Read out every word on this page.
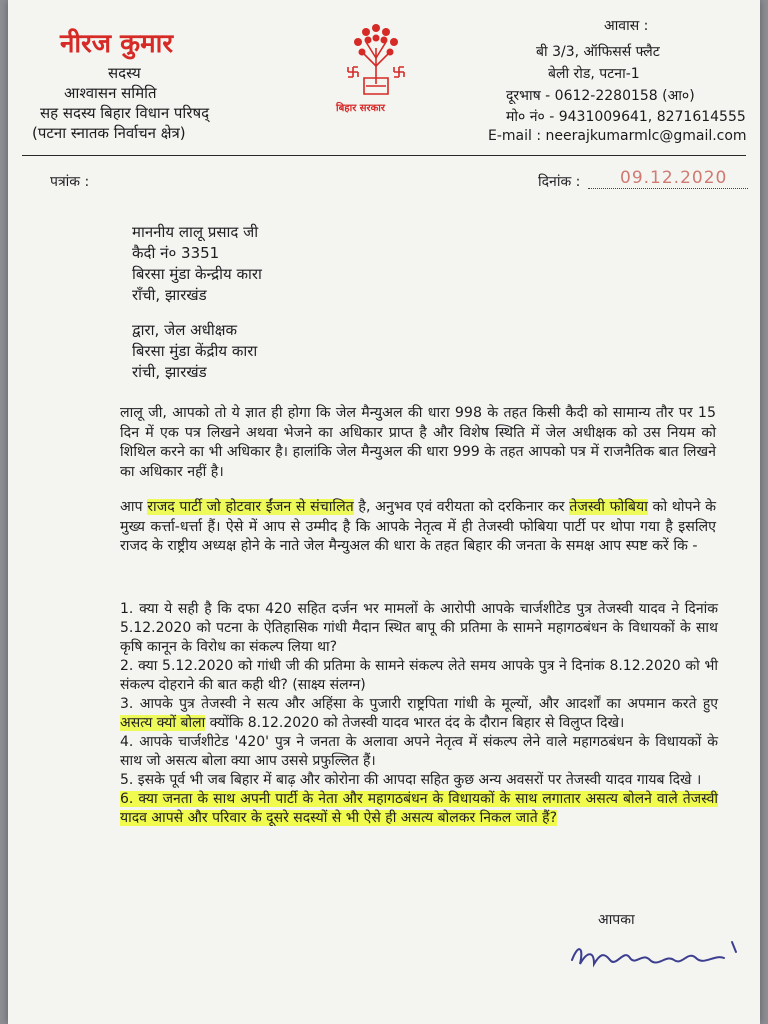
नीरज कुमार
सदस्य
आश्वासन समिति
सह सदस्य बिहार विधान परिषद्
(पटना स्नातक निर्वाचन क्षेत्र)
बिहार सरकार
आवास :
बी 3/3, ऑफिसर्स फ्लैट
बेली रोड, पटना-1
दूरभाष - 0612-2280158 (आ०)
मो० नं० - 9431009641, 8271614555
E-mail : neerajkumarmlc@gmail.com
पत्रांक :	दिनांक : 09.12.2020
माननीय लालू प्रसाद जी
कैदी नं० 3351
बिरसा मुंडा केन्द्रीय कारा
राँची, झारखंड
द्वारा, जेल अधीक्षक
बिरसा मुंडा केंद्रीय कारा
रांची, झारखंड
लालू जी, आपको तो ये ज्ञात ही होगा कि जेल मैन्युअल की धारा 998 के तहत किसी कैदी को सामान्य तौर पर 15 दिन में एक पत्र लिखने अथवा भेजने का अधिकार प्राप्त है और विशेष स्थिति में जेल अधीक्षक को उस नियम को शिथिल करने का भी अधिकार है। हालांकि जेल मैन्युअल की धारा 999 के तहत आपको पत्र में राजनैतिक बात लिखने का अधिकार नहीं है।
आप राजद पार्टी जो होटवार ईंजन से संचालित है, अनुभव एवं वरीयता को दरकिनार कर तेजस्वी फोबिया को थोपने के मुख्य कर्त्ता-धर्त्ता हैं। ऐसे में आप से उम्मीद है कि आपके नेतृत्व में ही तेजस्वी फोबिया पार्टी पर थोपा गया है इसलिए राजद के राष्ट्रीय अध्यक्ष होने के नाते जेल मैन्युअल की धारा के तहत बिहार की जनता के समक्ष आप स्पष्ट करें कि -
1. क्या ये सही है कि दफा 420 सहित दर्जन भर मामलों के आरोपी आपके चार्जशीटेड पुत्र तेजस्वी यादव ने दिनांक 5.12.2020 को पटना के ऐतिहासिक गांधी मैदान स्थित बापू की प्रतिमा के सामने महागठबंधन के विधायकों के साथ कृषि कानून के विरोध का संकल्प लिया था?
2. क्या 5.12.2020 को गांधी जी की प्रतिमा के सामने संकल्प लेते समय आपके पुत्र ने दिनांक 8.12.2020 को भी संकल्प दोहराने की बात कही थी? (साक्ष्य संलग्न)
3. आपके पुत्र तेजस्वी ने सत्य और अहिंसा के पुजारी राष्ट्रपिता गांधी के मूल्यों, और आदर्शों का अपमान करते हुए असत्य क्यों बोला क्योंकि 8.12.2020 को तेजस्वी यादव भारत दंद के दौरान बिहार से विलुप्त दिखे।
4. आपके चार्जशीटेड '420' पुत्र ने जनता के अलावा अपने नेतृत्व में संकल्प लेने वाले महागठबंधन के विधायकों के साथ जो असत्य बोला क्या आप उससे प्रफुल्लित हैं।
5. इसके पूर्व भी जब बिहार में बाढ़ और कोरोना की आपदा सहित कुछ अन्य अवसरों पर तेजस्वी यादव गायब दिखे ।
6. क्या जनता के साथ अपनी पार्टी के नेता और महागठबंधन के विधायकों के साथ लगातार असत्य बोलने वाले तेजस्वी यादव आपसे और परिवार के दूसरे सदस्यों से भी ऐसे ही असत्य बोलकर निकल जाते हैं?
आपका
